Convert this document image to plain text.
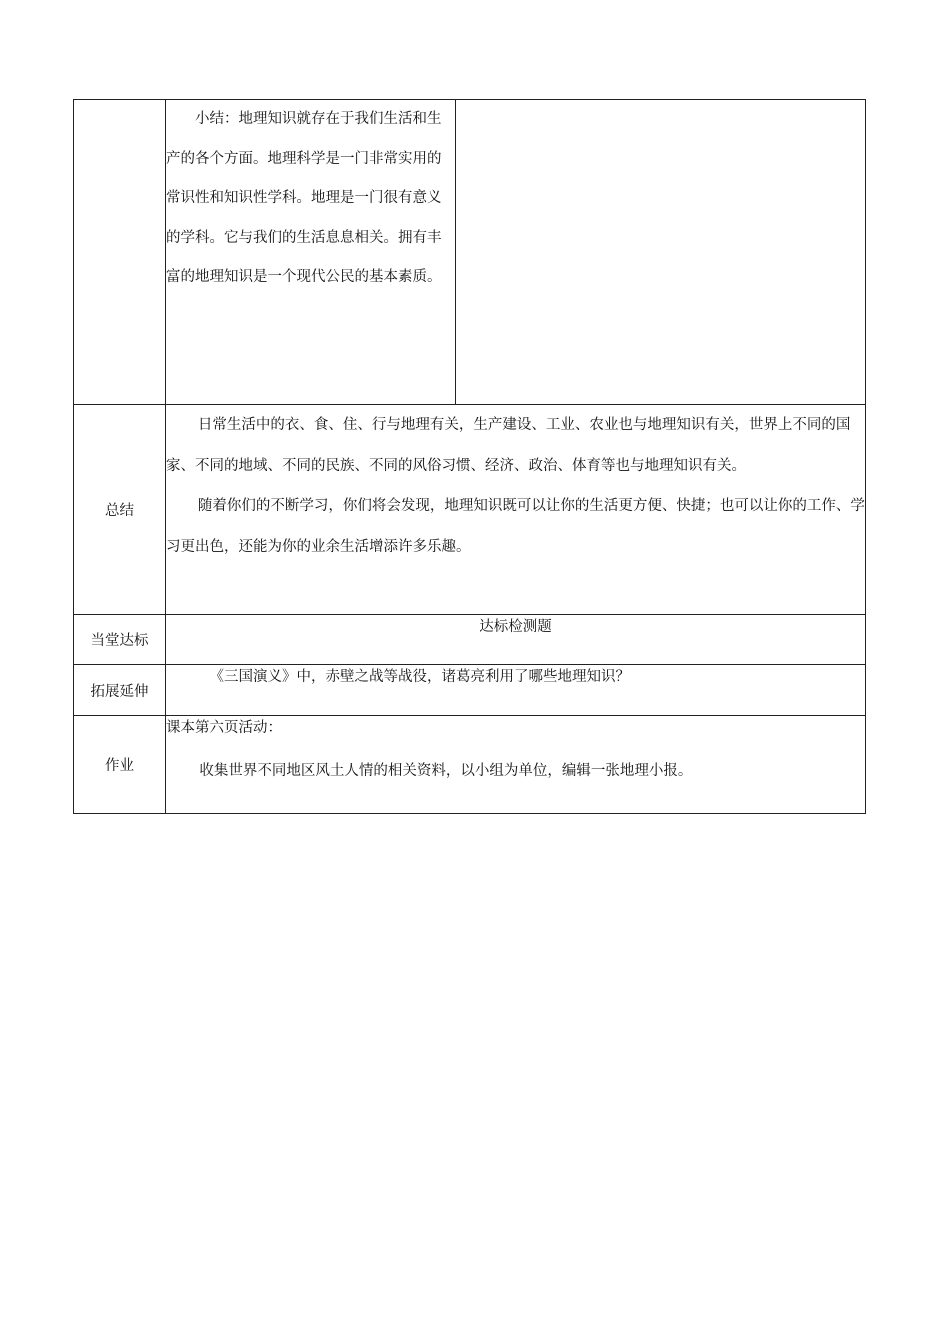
	小结：地理知识就存在于我们生活和生产的各个方面。地理科学是一门非常实用的常识性和知识性学科。地理是一门很有意义的学科。它与我们的生活息息相关。拥有丰富的地理知识是一个现代公民的基本素质。	

总结	日常生活中的衣、食、住、行与地理有关，生产建设、工业、农业也与地理知识有关，世界上不同的国家、不同的地域、不同的民族、不同的风俗习惯、经济、政治、体育等也与地理知识有关。

随着你们的不断学习，你们将会发现，地理知识既可以让你的生活更方便、快捷；也可以让你的工作、学习更出色，还能为你的业余生活增添许多乐趣。	

当堂达标	达标检测题	
拓展延伸	《三国演义》中，赤壁之战等战役，诸葛亮利用了哪些地理知识？	

作业	课本第六页活动：

收集世界不同地区风土人情的相关资料，以小组为单位，编辑一张地理小报。	
